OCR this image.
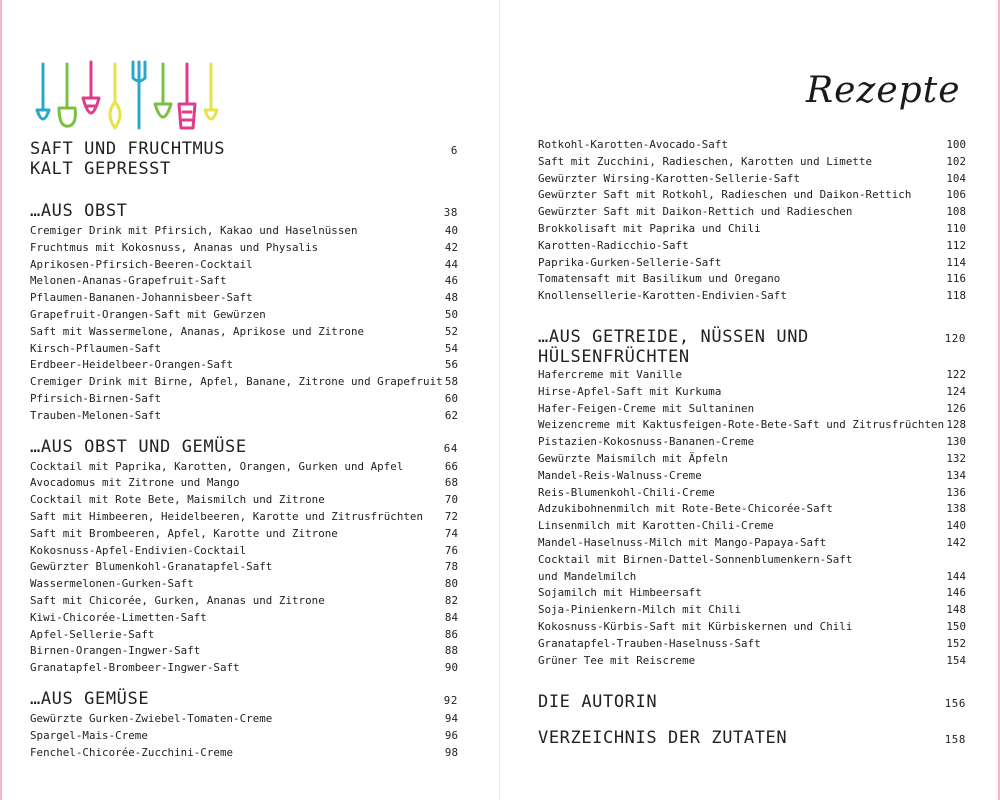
Rezepte
SAFT UND FRUCHTMUS
KALT GEPRESST
6
…AUS OBST	38
Cremiger Drink mit Pfirsich, Kakao und Haselnüssen	40
Fruchtmus mit Kokosnuss, Ananas und Physalis	42
Aprikosen-Pfirsich-Beeren-Cocktail	44
Melonen-Ananas-Grapefruit-Saft	46
Pflaumen-Bananen-Johannisbeer-Saft	48
Grapefruit-Orangen-Saft mit Gewürzen	50
Saft mit Wassermelone, Ananas, Aprikose und Zitrone	52
Kirsch-Pflaumen-Saft	54
Erdbeer-Heidelbeer-Orangen-Saft	56
Cremiger Drink mit Birne, Apfel, Banane, Zitrone und Grapefruit 58
Pfirsich-Birnen-Saft	60
Trauben-Melonen-Saft	62
…AUS OBST UND GEMÜSE	64
Cocktail mit Paprika, Karotten, Orangen, Gurken und Apfel	66
Avocadomus mit Zitrone und Mango	68
Cocktail mit Rote Bete, Maismilch und Zitrone	70
Saft mit Himbeeren, Heidelbeeren, Karotte und Zitrusfrüchten 72
Saft mit Brombeeren, Apfel, Karotte und Zitrone	74
Kokosnuss-Apfel-Endivien-Cocktail	76
Gewürzter Blumenkohl-Granatapfel-Saft	78
Wassermelonen-Gurken-Saft	80
Saft mit Chicorée, Gurken, Ananas und Zitrone	82
Kiwi-Chicorée-Limetten-Saft	84
Apfel-Sellerie-Saft	86
Birnen-Orangen-Ingwer-Saft	88
Granatapfel-Brombeer-Ingwer-Saft	90
…AUS GEMÜSE	92
Gewürzte Gurken-Zwiebel-Tomaten-Creme	94
Spargel-Mais-Creme	96
Fenchel-Chicorée-Zucchini-Creme	98
Rotkohl-Karotten-Avocado-Saft	100
Saft mit Zucchini, Radieschen, Karotten und Limette	102
Gewürzter Wirsing-Karotten-Sellerie-Saft	104
Gewürzter Saft mit Rotkohl, Radieschen und Daikon-Rettich	106
Gewürzter Saft mit Daikon-Rettich und Radieschen	108
Brokkolisaft mit Paprika und Chili	110
Karotten-Radicchio-Saft	112
Paprika-Gurken-Sellerie-Saft	114
Tomatensaft mit Basilikum und Oregano	116
Knollensellerie-Karotten-Endivien-Saft	118
…AUS GETREIDE, NÜSSEN UND
HÜLSENFRÜCHTEN
120
Hafercreme mit Vanille	122
Hirse-Apfel-Saft mit Kurkuma	124
Hafer-Feigen-Creme mit Sultaninen	126
Weizencreme mit Kaktusfeigen-Rote-Bete-Saft und Zitrusfrüchten 128
Pistazien-Kokosnuss-Bananen-Creme	130
Gewürzte Maismilch mit Äpfeln	132
Mandel-Reis-Walnuss-Creme	134
Reis-Blumenkohl-Chili-Creme	136
Adzukibohnenmilch mit Rote-Bete-Chicorée-Saft	138
Linsenmilch mit Karotten-Chili-Creme	140
Mandel-Haselnuss-Milch mit Mango-Papaya-Saft	142
Cocktail mit Birnen-Dattel-Sonnenblumenkern-Saft
und Mandelmilch	144
Sojamilch mit Himbeersaft	146
Soja-Pinienkern-Milch mit Chili	148
Kokosnuss-Kürbis-Saft mit Kürbiskernen und Chili	150
Granatapfel-Trauben-Haselnuss-Saft	152
Grüner Tee mit Reiscreme	154
DIE AUTORIN	156
VERZEICHNIS DER ZUTATEN	158
